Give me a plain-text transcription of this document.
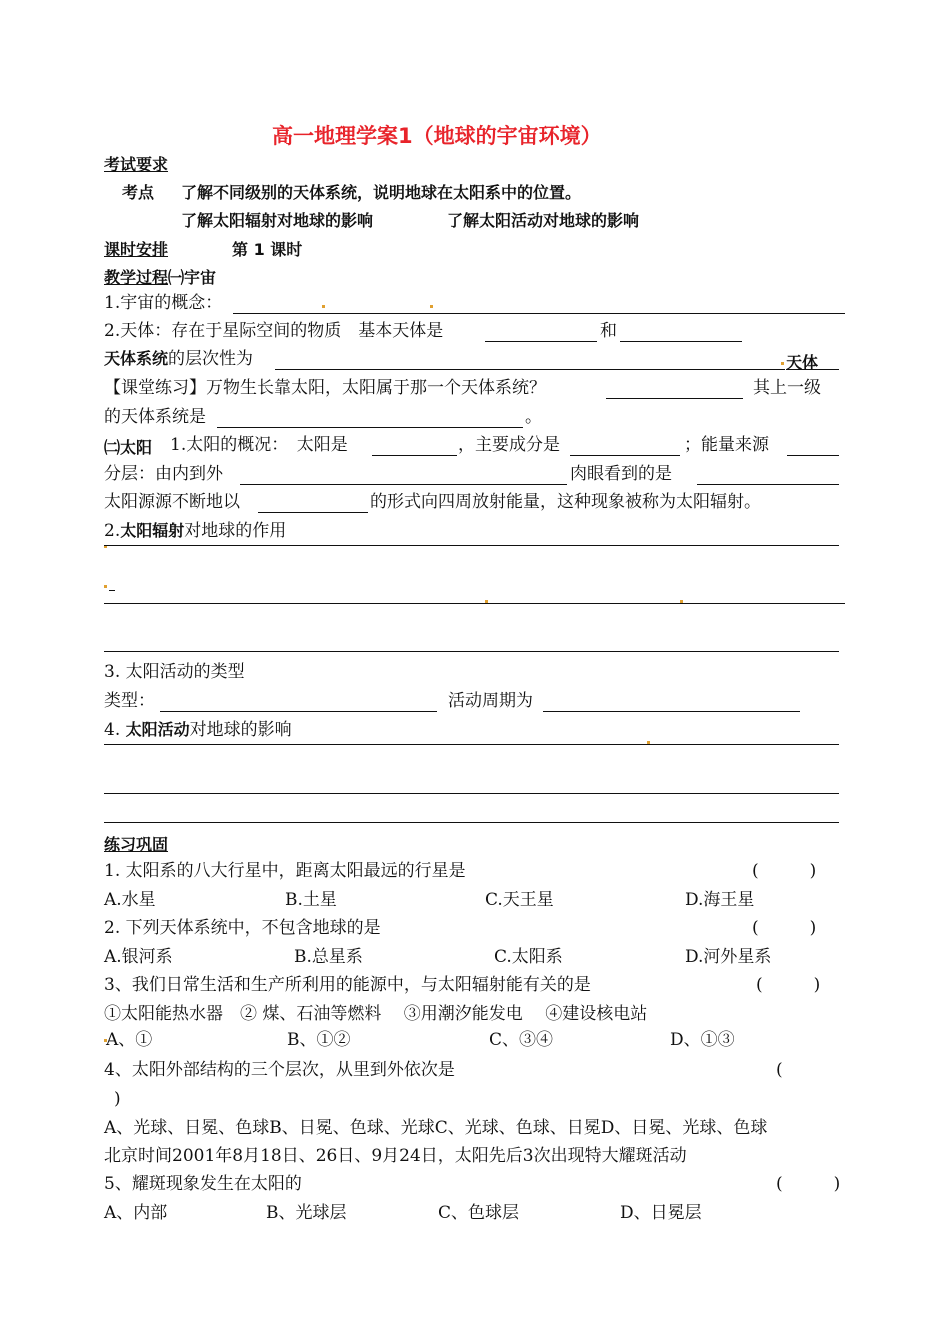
高一地理学案1（地球的宇宙环境）
考试要求
考点 了解不同级别的天体系统，说明地球在太阳系中的位置。
了解太阳辐射对地球的影响	了解太阳活动对地球的影响
课时安排	第 1 课时
教学过程㈠宇宙
1.宇宙的概念：
2.天体：存在于星际空间的物质　基本天体是	和
天体系统的层次性为	天体
【课堂练习】万物生长靠太阳，太阳属于那一个天体系统？	其上一级
的天体系统是	。
㈡太阳 1.太阳的概况：　太阳是	，主要成分是	；能量来源
分层：由内到外	肉眼看到的是
太阳源源不断地以	的形式向四周放射能量，这种现象被称为太阳辐射。
2.太阳辐射对地球的作用
3. 太阳活动的类型
类型：	活动周期为
4. 太阳活动对地球的影响
练习巩固
1. 太阳系的八大行星中，距离太阳最远的行星是	(　　　)
A.水星	B.土星	C.天王星	D.海王星
2. 下列天体系统中，不包含地球的是	(　　　)
A.银河系	B.总星系	C.太阳系	D.河外星系
3、我们日常生活和生产所利用的能源中，与太阳辐射能有关的是	(　　　)
①太阳能热水器　② 煤、石油等燃料　 ③用潮汐能发电　 ④建设核电站
A、①	B、①②	C、③④	D、①③
4、太阳外部结构的三个层次，从里到外依次是	(
)
A、光球、日冕、色球B、日冕、色球、光球C、光球、色球、日冕D、日冕、光球、色球
北京时间2001年8月18日、26日、9月24日，太阳先后3次出现特大耀斑活动
5、耀斑现象发生在太阳的	(　　　)
A、内部	B、光球层	C、色球层	D、日冕层
